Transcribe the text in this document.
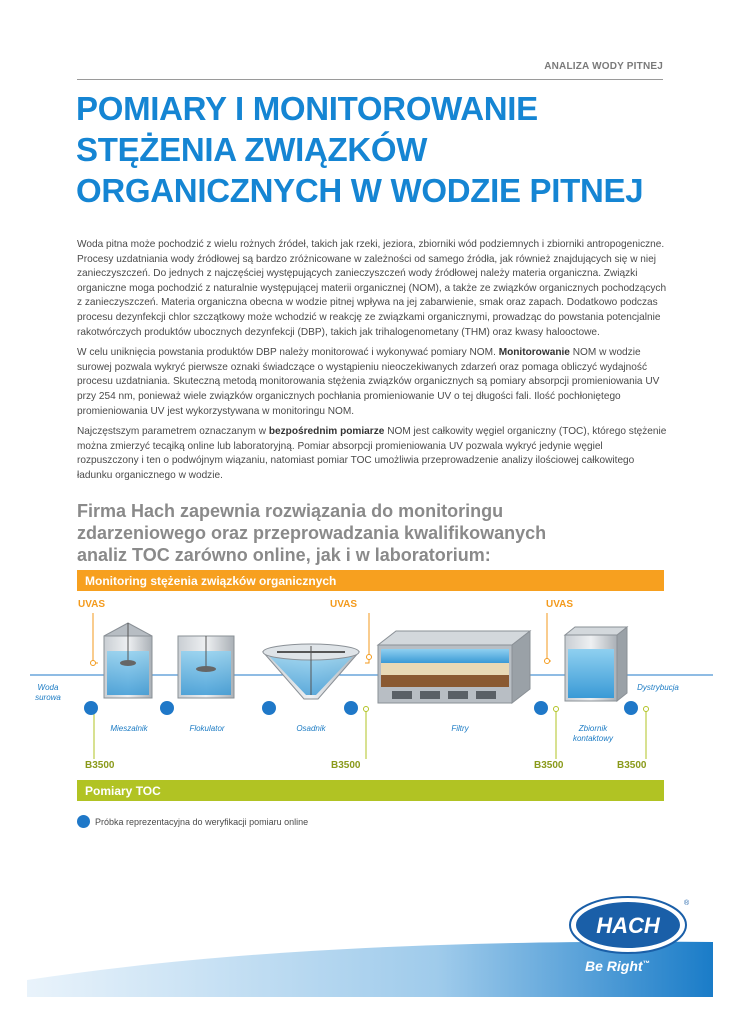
ANALIZA WODY PITNEJ
POMIARY I MONITOROWANIE
STĘŻENIA ZWIĄZKÓW
ORGANICZNYCH W WODZIE PITNEJ

Woda pitna może pochodzić z wielu rożnych źródeł, takich jak rzeki, jeziora, zbiorniki wód podziemnych i zbiorniki antropogeniczne. Procesy uzdatniania wody źródłowej są bardzo zróżnicowane w zależności od samego źródła, jak również znajdujących się w niej zanieczyszczeń. Do jednych z najczęściej występujących zanieczyszczeń wody źródłowej należy materia organiczna. Związki organiczne moga pochodzić z naturalnie występującej materii organicznej (NOM), a także ze związków organicznych pochodzących z zanieczyszczeń. Materia organiczna obecna w wodzie pitnej wpływa na jej zabarwienie, smak oraz zapach. Dodatkowo podczas procesu dezynfekcji chlor szczątkowy może wchodzić w reakcję ze związkami organicznymi, prowadząc do powstania potencjalnie rakotwórczych produktów ubocznych dezynfekcji (DBP), takich jak trihalogenometany (THM) oraz kwasy halooctowe.

W celu uniknięcia powstania produktów DBP należy monitorować i wykonywać pomiary NOM. Monitorowanie NOM w wodzie surowej pozwala wykryć pierwsze oznaki świadczące o wystąpieniu nieoczekiwanych zdarzeń oraz pomaga obliczyć wydajność procesu uzdatniania. Skuteczną metodą monitorowania stężenia związków organicznych są pomiary absorpcji promieniowania UV przy 254 nm, ponieważ wiele związków organicznych pochłania promieniowanie UV o tej długości fali. Ilość pochłoniętego promieniowania UV jest wykorzystywana w monitoringu NOM.

Najczęstszym parametrem oznaczanym w bezpośrednim pomiarze NOM jest całkowity węgiel organiczny (TOC), którego stężenie można zmierzyć tecąiką online lub laboratoryjną. Pomiar absorpcji promieniowania UV pozwala wykryć jedynie węgiel rozpuszczony i ten o podwójnym wiązaniu, natomiast pomiar TOC umożliwia przeprowadzenie analizy ilościowej całkowitego ładunku organicznego w wodzie.

Firma Hach zapewnia rozwiązania do monitoringu
zdarzeniowego oraz przeprowadzania kwalifikowanych
analiz TOC zarówno online, jak i w laboratorium:
Monitoring stężenia związków organicznych
UVAS	UVAS	UVAS
Woda surowa
Mieszalnik	Flokulator	Osadnik	Filtry	Zbiornik kontaktowy
Dystrybucja
B3500	B3500	B3500	B3500
Pomiary TOC
Próbka reprezentacyjna do weryfikacji pomiaru online
HACH
®
Be Right™
